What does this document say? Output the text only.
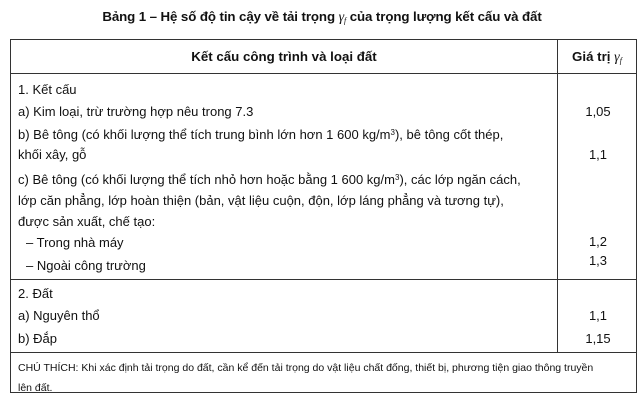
Bảng 1 – Hệ số độ tin cậy về tải trọng $\gamma_f$ của trọng lượng kết cấu và đất
Kết cấu công trình và loại đất	Giá trị $\gamma_f$
1. Kết cấu
a) Kim loại, trừ trường hợp nêu trong 7.3	1,05
b) Bê tông (có khối lượng thể tích trung bình lớn hơn 1 600 $kg/m^3$), bê tông cốt thép,
khối xây, gỗ	1,1
c) Bê tông (có khối lượng thể tích nhỏ hơn hoặc bằng 1 600 $kg/m^3$), các lớp ngăn cách,
lớp căn phẳng, lớp hoàn thiện (bản, vật liệu cuộn, độn, lớp láng phẳng và tương tự),
được sản xuất, chế tạo:
– Trong nhà máy	1,2
– Ngoài công trường	1,3
2. Đất
a) Nguyên thổ	1,1
b) Đắp	1,15
CHÚ THÍCH: Khi xác định tải trọng do đất, cần kể đến tải trọng do vật liệu chất đống, thiết bị, phương tiện giao thông truyền
lên đất.
